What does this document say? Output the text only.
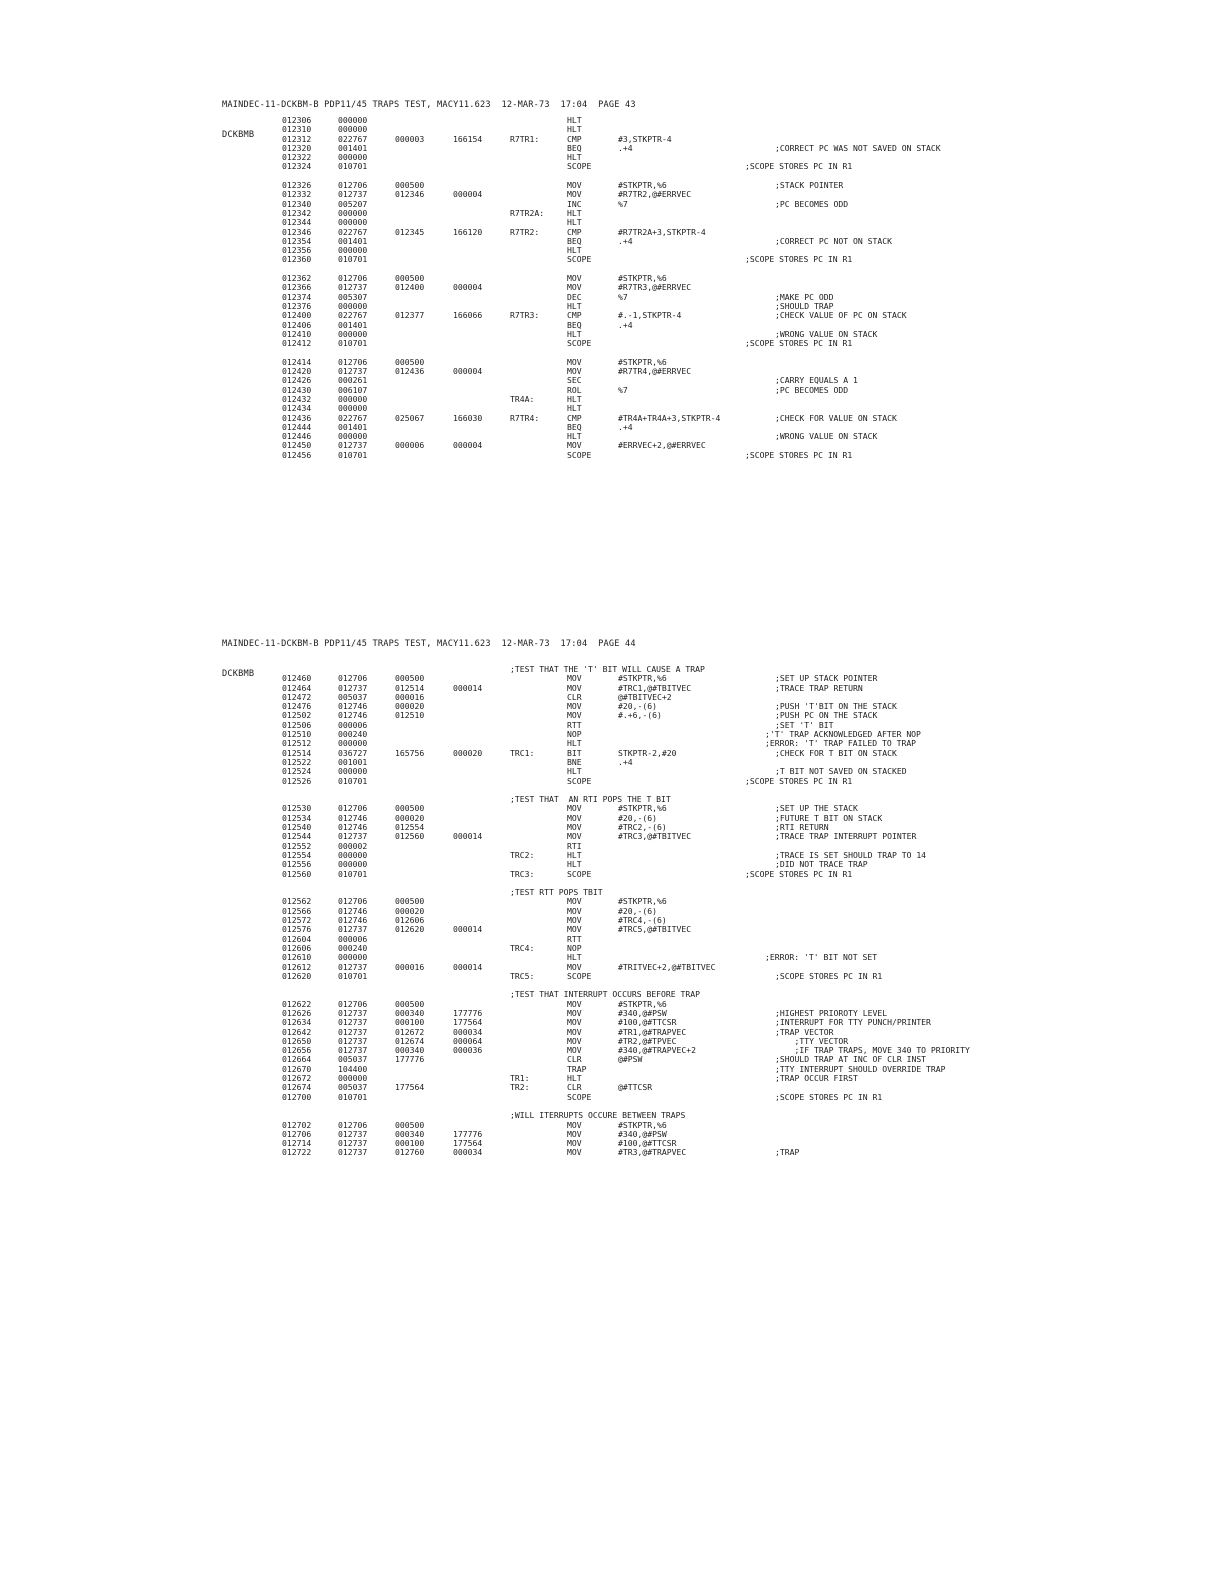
MAINDEC-11-DCKBM-B PDP11/45 TRAPS TEST, MACY11.623  12-MAR-73  17:04  PAGE 43

DCKBMB

012306	000000	HLT
012310	000000	HLT
012312	022767	000003	166154	R7TR1:	CMP	#3,STKPTR-4
012320	001401	BEQ	.+4	;CORRECT PC WAS NOT SAVED ON STACK
012322	000000	HLT
012324	010701	SCOPE	;SCOPE STORES PC IN R1
012326	012706	000500	MOV	#STKPTR,%6	;STACK POINTER
012332	012737	012346	000004	MOV	#R7TR2,@#ERRVEC
012340	005207	INC	%7	;PC BECOMES ODD
012342	000000	R7TR2A:	HLT
012344	000000	HLT
012346	022767	012345	166120	R7TR2:	CMP	#R7TR2A+3,STKPTR-4
012354	001401	BEQ	.+4	;CORRECT PC NOT ON STACK
012356	000000	HLT
012360	010701	SCOPE	;SCOPE STORES PC IN R1
012362	012706	000500	MOV	#STKPTR,%6
012366	012737	012400	000004	MOV	#R7TR3,@#ERRVEC
012374	005307	DEC	%7	;MAKE PC ODD
012376	000000	HLT	;SHOULD TRAP
012400	022767	012377	166066	R7TR3:	CMP	#.-1,STKPTR-4	;CHECK VALUE OF PC ON STACK
012406	001401	BEQ	.+4
012410	000000	HLT	;WRONG VALUE ON STACK
012412	010701	SCOPE	;SCOPE STORES PC IN R1
012414	012706	000500	MOV	#STKPTR,%6
012420	012737	012436	000004	MOV	#R7TR4,@#ERRVEC
012426	000261	SEC	;CARRY EQUALS A 1
012430	006107	ROL	%7	;PC BECOMES ODD
012432	000000	TR4A:	HLT
012434	000000	HLT
012436	022767	025067	166030	R7TR4:	CMP	#TR4A+TR4A+3,STKPTR-4	;CHECK FOR VALUE ON STACK
012444	001401	BEQ	.+4
012446	000000	HLT	;WRONG VALUE ON STACK
012450	012737	000006	000004	MOV	#ERRVEC+2,@#ERRVEC
012456	010701	SCOPE	;SCOPE STORES PC IN R1

MAINDEC-11-DCKBM-B PDP11/45 TRAPS TEST, MACY11.623  12-MAR-73  17:04  PAGE 44

DCKBMB

	;TEST THAT THE 'T' BIT WILL CAUSE A TRAP
012460	012706	000500	MOV	#STKPTR,%6	;SET UP STACK POINTER
012464	012737	012514	000014	MOV	#TRC1,@#TBITVEC	;TRACE TRAP RETURN
012472	005037	000016	CLR	@#TBITVEC+2
012476	012746	000020	MOV	#20,-(6)	;PUSH 'T'BIT ON THE STACK
012502	012746	012510	MOV	#.+6,-(6)	;PUSH PC ON THE STACK
012506	000006	RTT	;SET 'T' BIT
012510	000240	NOP	;'T' TRAP ACKNOWLEDGED AFTER NOP
012512	000000	HLT	;ERROR: 'T' TRAP FAILED TO TRAP
012514	036727	165756	000020	TRC1:	BIT	STKPTR-2,#20	;CHECK FOR T BIT ON STACK
012522	001001	BNE	.+4
012524	000000	HLT	;T BIT NOT SAVED ON STACKED
012526	010701	SCOPE	;SCOPE STORES PC IN R1
;TEST THAT  AN RTI POPS THE T BIT
012530	012706	000500	MOV	#STKPTR,%6	;SET UP THE STACK
012534	012746	000020	MOV	#20,-(6)	;FUTURE T BIT ON STACK
012540	012746	012554	MOV	#TRC2,-(6)	;RTI RETURN
012544	012737	012560	000014	MOV	#TRC3,@#TBITVEC	;TRACE TRAP INTERRUPT POINTER
012552	000002	RTI
012554	000000	TRC2:	HLT	;TRACE IS SET SHOULD TRAP TO 14
012556	000000	HLT	;DID NOT TRACE TRAP
012560	010701	TRC3:	SCOPE	;SCOPE STORES PC IN R1
;TEST RTT POPS TBIT
012562	012706	000500	MOV	#STKPTR,%6
012566	012746	000020	MOV	#20,-(6)
012572	012746	012606	MOV	#TRC4,-(6)
012576	012737	012620	000014	MOV	#TRC5,@#TBITVEC
012604	000006	RTT
012606	000240	TRC4:	NOP
012610	000000	HLT	;ERROR: 'T' BIT NOT SET
012612	012737	000016	000014	MOV	#TRITVEC+2,@#TBITVEC
012620	010701	TRC5:	SCOPE	;SCOPE STORES PC IN R1
;TEST THAT INTERRUPT OCCURS BEFORE TRAP
012622	012706	000500	MOV	#STKPTR,%6
012626	012737	000340	177776	MOV	#340,@#PSW	;HIGHEST PRIOROTY LEVEL
012634	012737	000100	177564	MOV	#100,@#TTCSR	;INTERRUPT FOR TTY PUNCH/PRINTER
012642	012737	012672	000034	MOV	#TR1,@#TRAPVEC	;TRAP VECTOR
012650	012737	012674	000064	MOV	#TR2,@#TPVEC	;TTY VECTOR
012656	012737	000340	000036	MOV	#340,@#TRAPVEC+2	;IF TRAP TRAPS, MOVE 340 TO PRIORITY
012664	005037	177776	CLR	@#PSW	;SHOULD TRAP AT INC OF CLR INST
012670	104400	TRAP	;TTY INTERRUPT SHOULD OVERRIDE TRAP
012672	000000	TR1:	HLT	;TRAP OCCUR FIRST
012674	005037	177564	TR2:	CLR	@#TTCSR
012700	010701	SCOPE	;SCOPE STORES PC IN R1
;WILL ITERRUPTS OCCURE BETWEEN TRAPS
012702	012706	000500	MOV	#STKPTR,%6
012706	012737	000340	177776	MOV	#340,@#PSW
012714	012737	000100	177564	MOV	#100,@#TTCSR
012722	012737	012760	000034	MOV	#TR3,@#TRAPVEC	;TRAP
